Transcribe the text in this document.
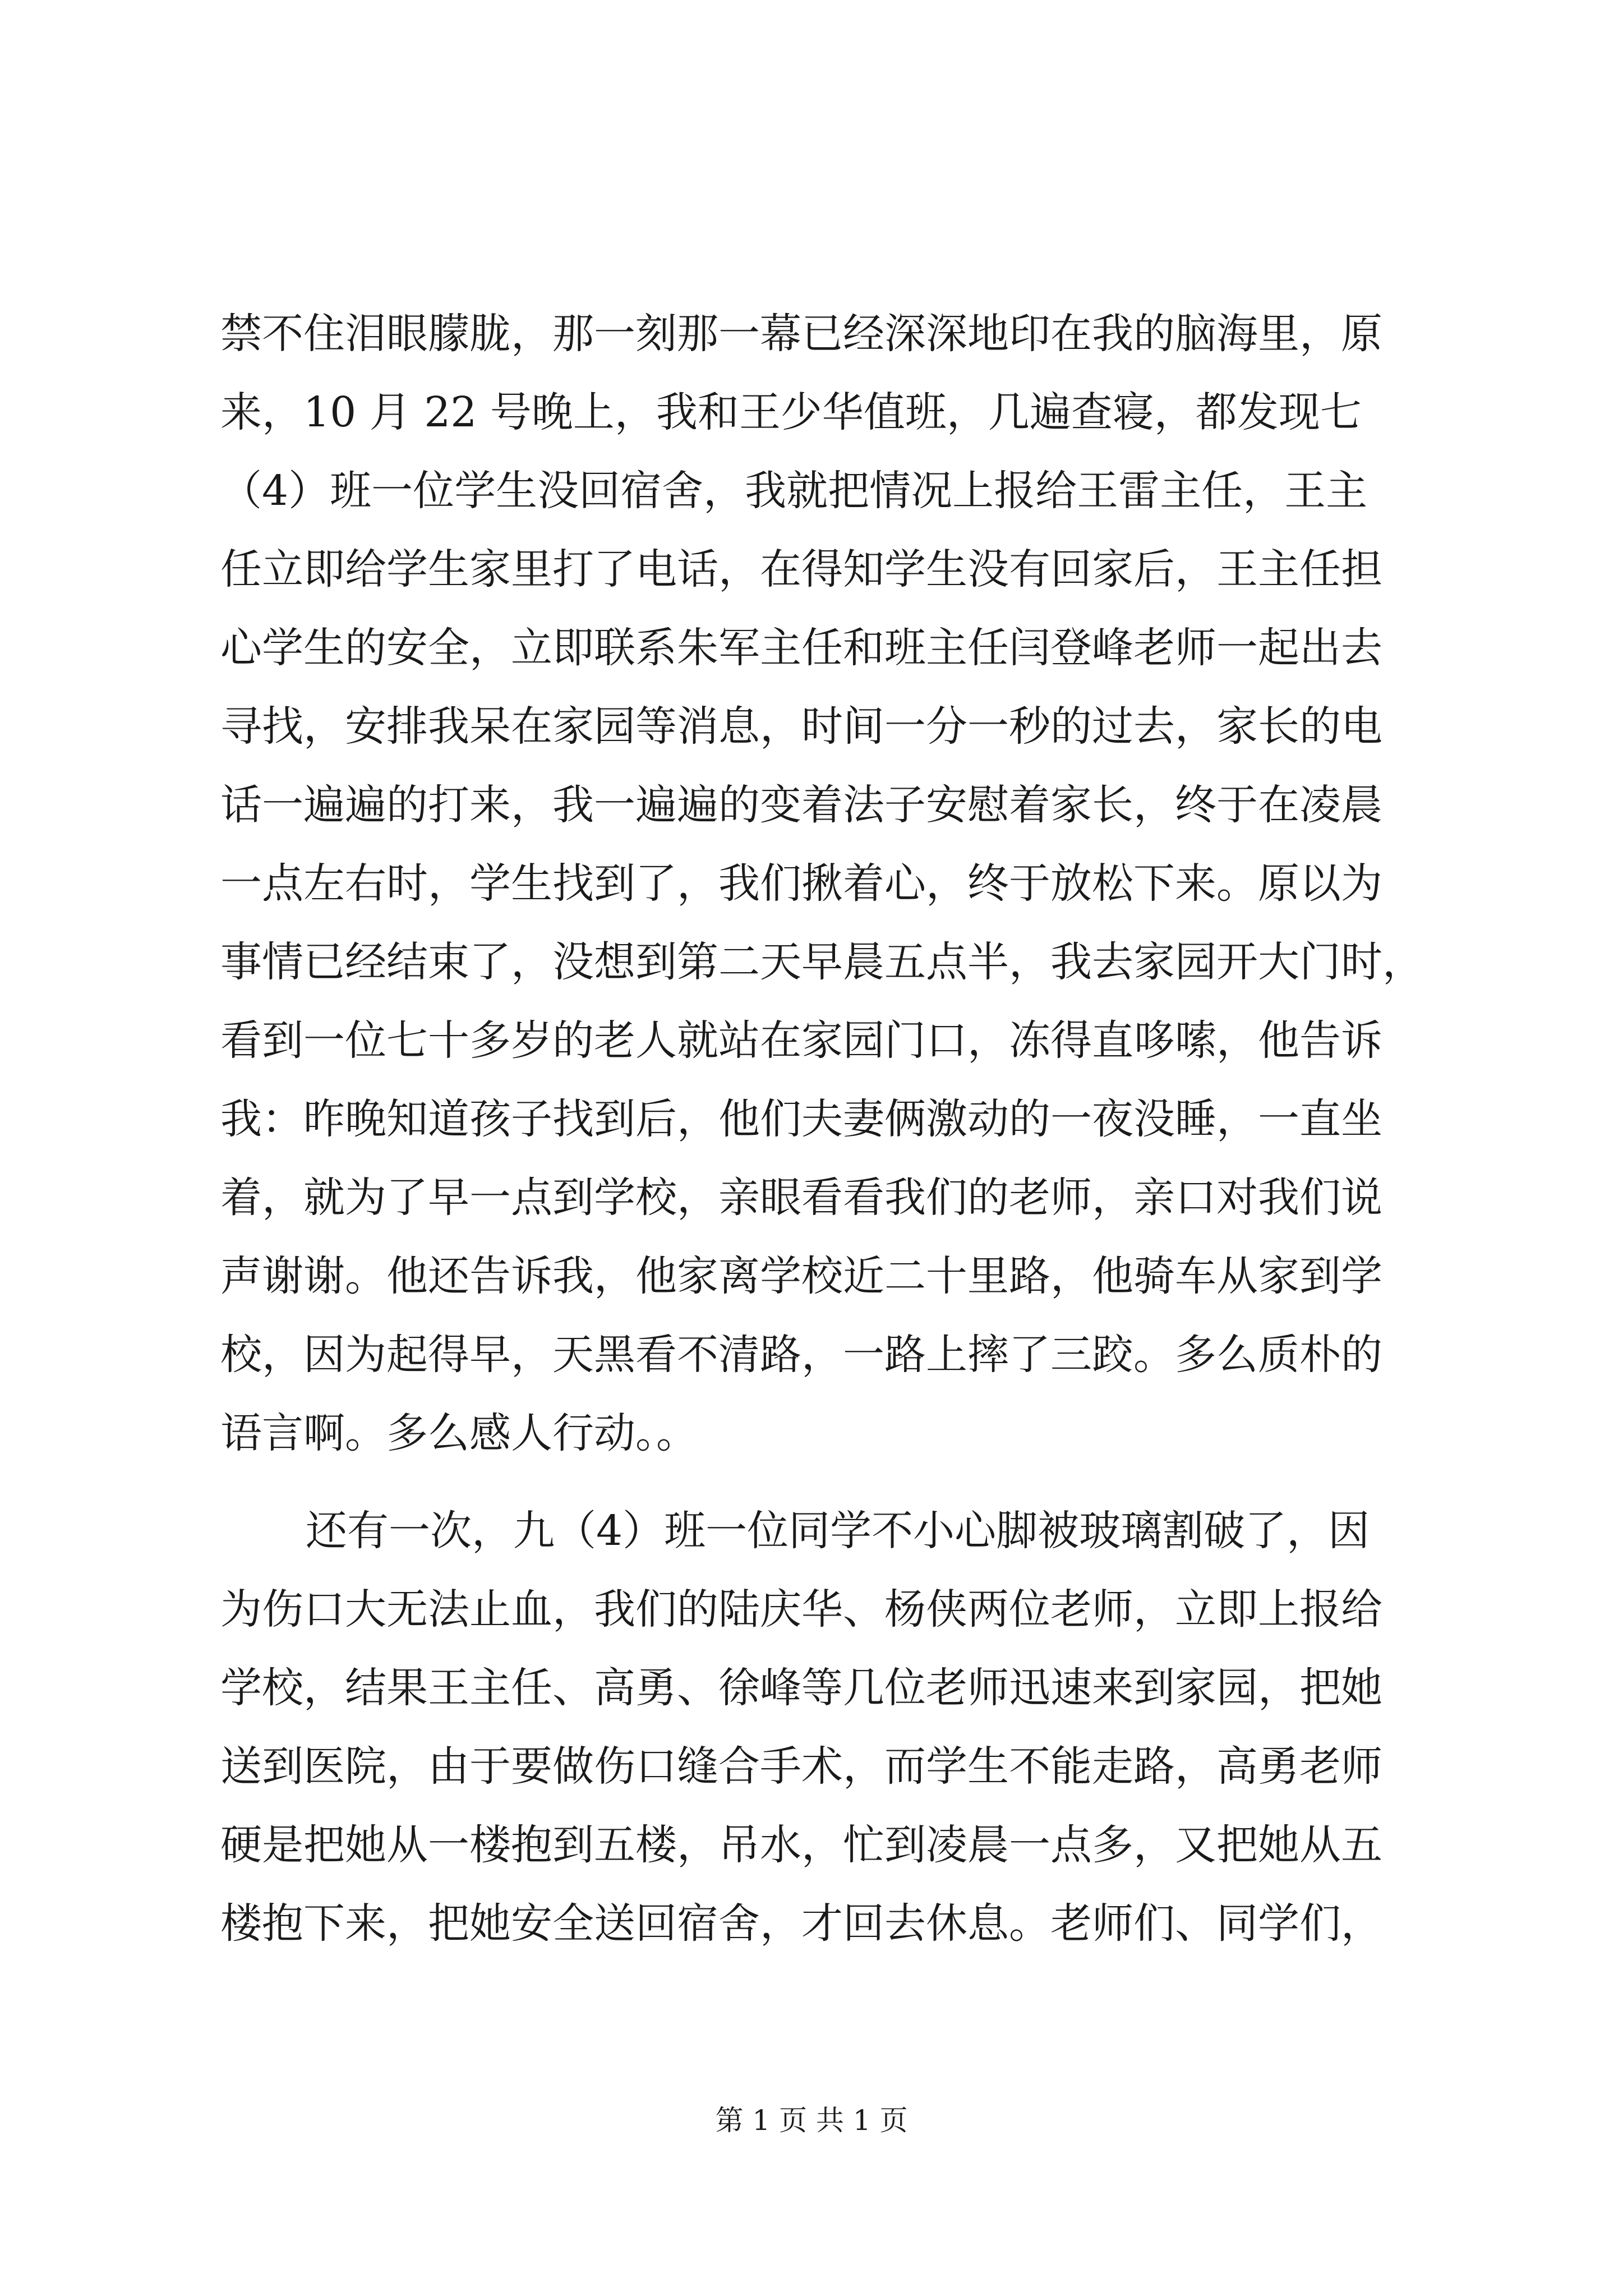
禁不住泪眼朦胧，那一刻那一幕已经深深地印在我的脑海里，原
来，10 月 22 号晚上，我和王少华值班，几遍查寝，都发现七
（4）班一位学生没回宿舍，我就把情况上报给王雷主任，王主
任立即给学生家里打了电话，在得知学生没有回家后，王主任担
心学生的安全，立即联系朱军主任和班主任闫登峰老师一起出去
寻找，安排我呆在家园等消息，时间一分一秒的过去，家长的电
话一遍遍的打来，我一遍遍的变着法子安慰着家长，终于在凌晨
一点左右时，学生找到了，我们揪着心，终于放松下来。原以为
事情已经结束了，没想到第二天早晨五点半，我去家园开大门时，
看到一位七十多岁的老人就站在家园门口，冻得直哆嗦，他告诉
我：昨晚知道孩子找到后，他们夫妻俩激动的一夜没睡，一直坐
着，就为了早一点到学校，亲眼看看我们的老师，亲口对我们说
声谢谢。他还告诉我，他家离学校近二十里路，他骑车从家到学
校，因为起得早，天黑看不清路，一路上摔了三跤。多么质朴的
语言啊。多么感人行动。。
还有一次，九（4）班一位同学不小心脚被玻璃割破了，因
为伤口大无法止血，我们的陆庆华、杨侠两位老师，立即上报给
学校，结果王主任、高勇、徐峰等几位老师迅速来到家园，把她
送到医院，由于要做伤口缝合手术，而学生不能走路，高勇老师
硬是把她从一楼抱到五楼，吊水，忙到凌晨一点多，又把她从五
楼抱下来，把她安全送回宿舍，才回去休息。老师们、同学们，
第 1 页 共 1 页
